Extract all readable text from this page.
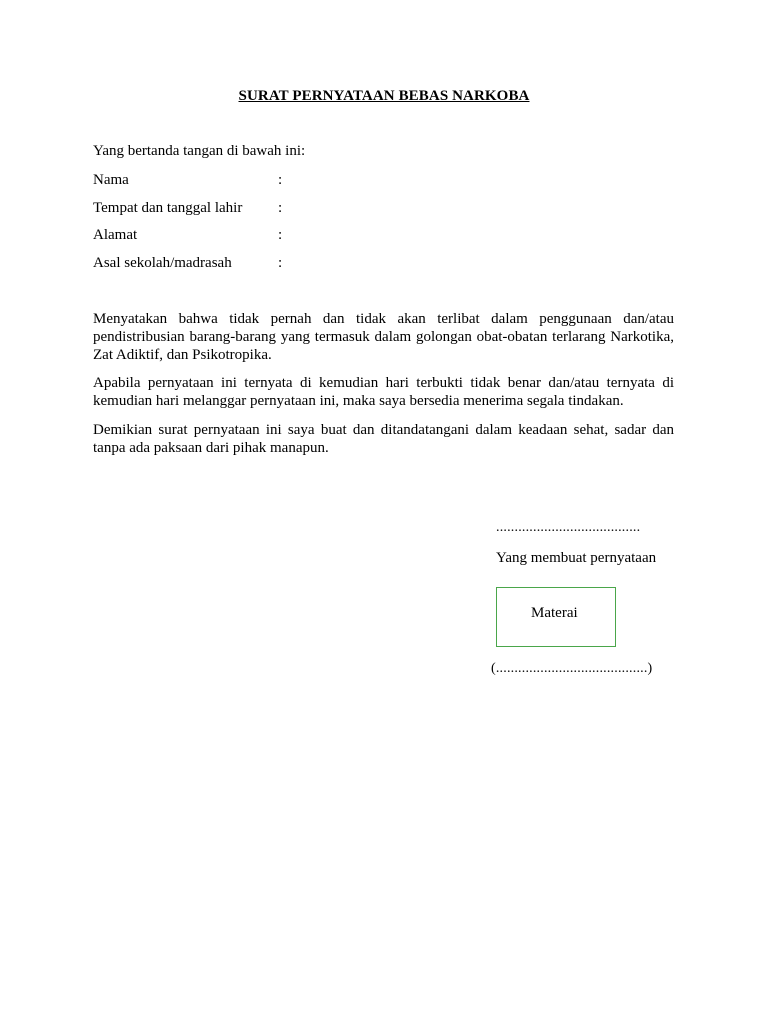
SURAT PERNYATAAN BEBAS NARKOBA
Yang bertanda tangan di bawah ini:
Nama	:
Tempat dan tanggal lahir :
Alamat	:
Asal sekolah/madrasah	:
Menyatakan bahwa tidak pernah dan tidak akan terlibat dalam penggunaan dan/atau pendistribusian barang-barang yang termasuk dalam golongan obat-obatan terlarang Narkotika, Zat Adiktif, dan Psikotropika.
Apabila pernyataan ini ternyata di kemudian hari terbukti tidak benar dan/atau ternyata di kemudian hari melanggar pernyataan ini, maka saya bersedia menerima segala tindakan.
Demikian surat pernyataan ini saya buat dan ditandatangani dalam keadaan sehat, sadar dan tanpa ada paksaan dari pihak manapun.
.......................................
Yang membuat pernyataan
Materai
(.........................................)
